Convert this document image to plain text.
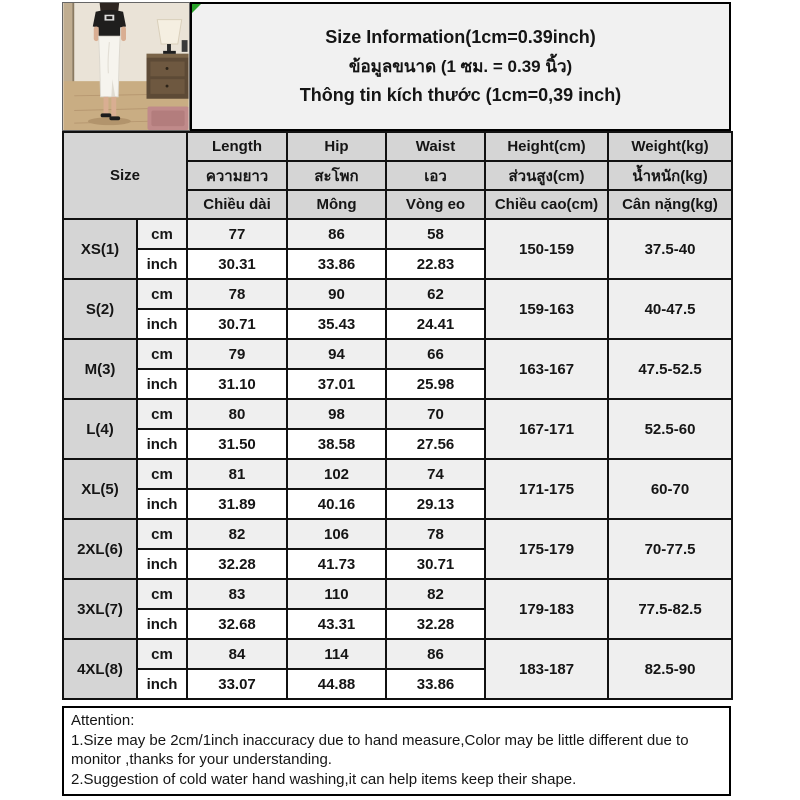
Size Information(1cm=0.39inch)
ข้อมูลขนาด (1 ซม. = 0.39 นิ้ว)
Thông tin kích thước (1cm=0,39 inch)
Size		Length	Hip	Waist	Height(cm)	Weight(kg)
		ความยาว	สะโพก	เอว	ส่วนสูง(cm)	น้ำหนัก(kg)
		Chiều dài	Mông	Vòng eo	Chiều cao(cm)	Cân nặng(kg)
XS(1)	cm	77	86	58	150-159	37.5-40
	inch	30.31	33.86	22.83		
S(2)	cm	78	90	62	159-163	40-47.5
	inch	30.71	35.43	24.41		
M(3)	cm	79	94	66	163-167	47.5-52.5
	inch	31.10	37.01	25.98		
L(4)	cm	80	98	70	167-171	52.5-60
	inch	31.50	38.58	27.56		
XL(5)	cm	81	102	74	171-175	60-70
	inch	31.89	40.16	29.13		
2XL(6)	cm	82	106	78	175-179	70-77.5
	inch	32.28	41.73	30.71		
3XL(7)	cm	83	110	82	179-183	77.5-82.5
	inch	32.68	43.31	32.28		
4XL(8)	cm	84	114	86	183-187	82.5-90
	inch	33.07	44.88	33.86		
Attention:
1.Size may be 2cm/1inch inaccuracy due to hand measure,Color may be little different due to monitor ,thanks for your understanding.
2.Suggestion of cold water hand washing,it can help items keep their shape.
